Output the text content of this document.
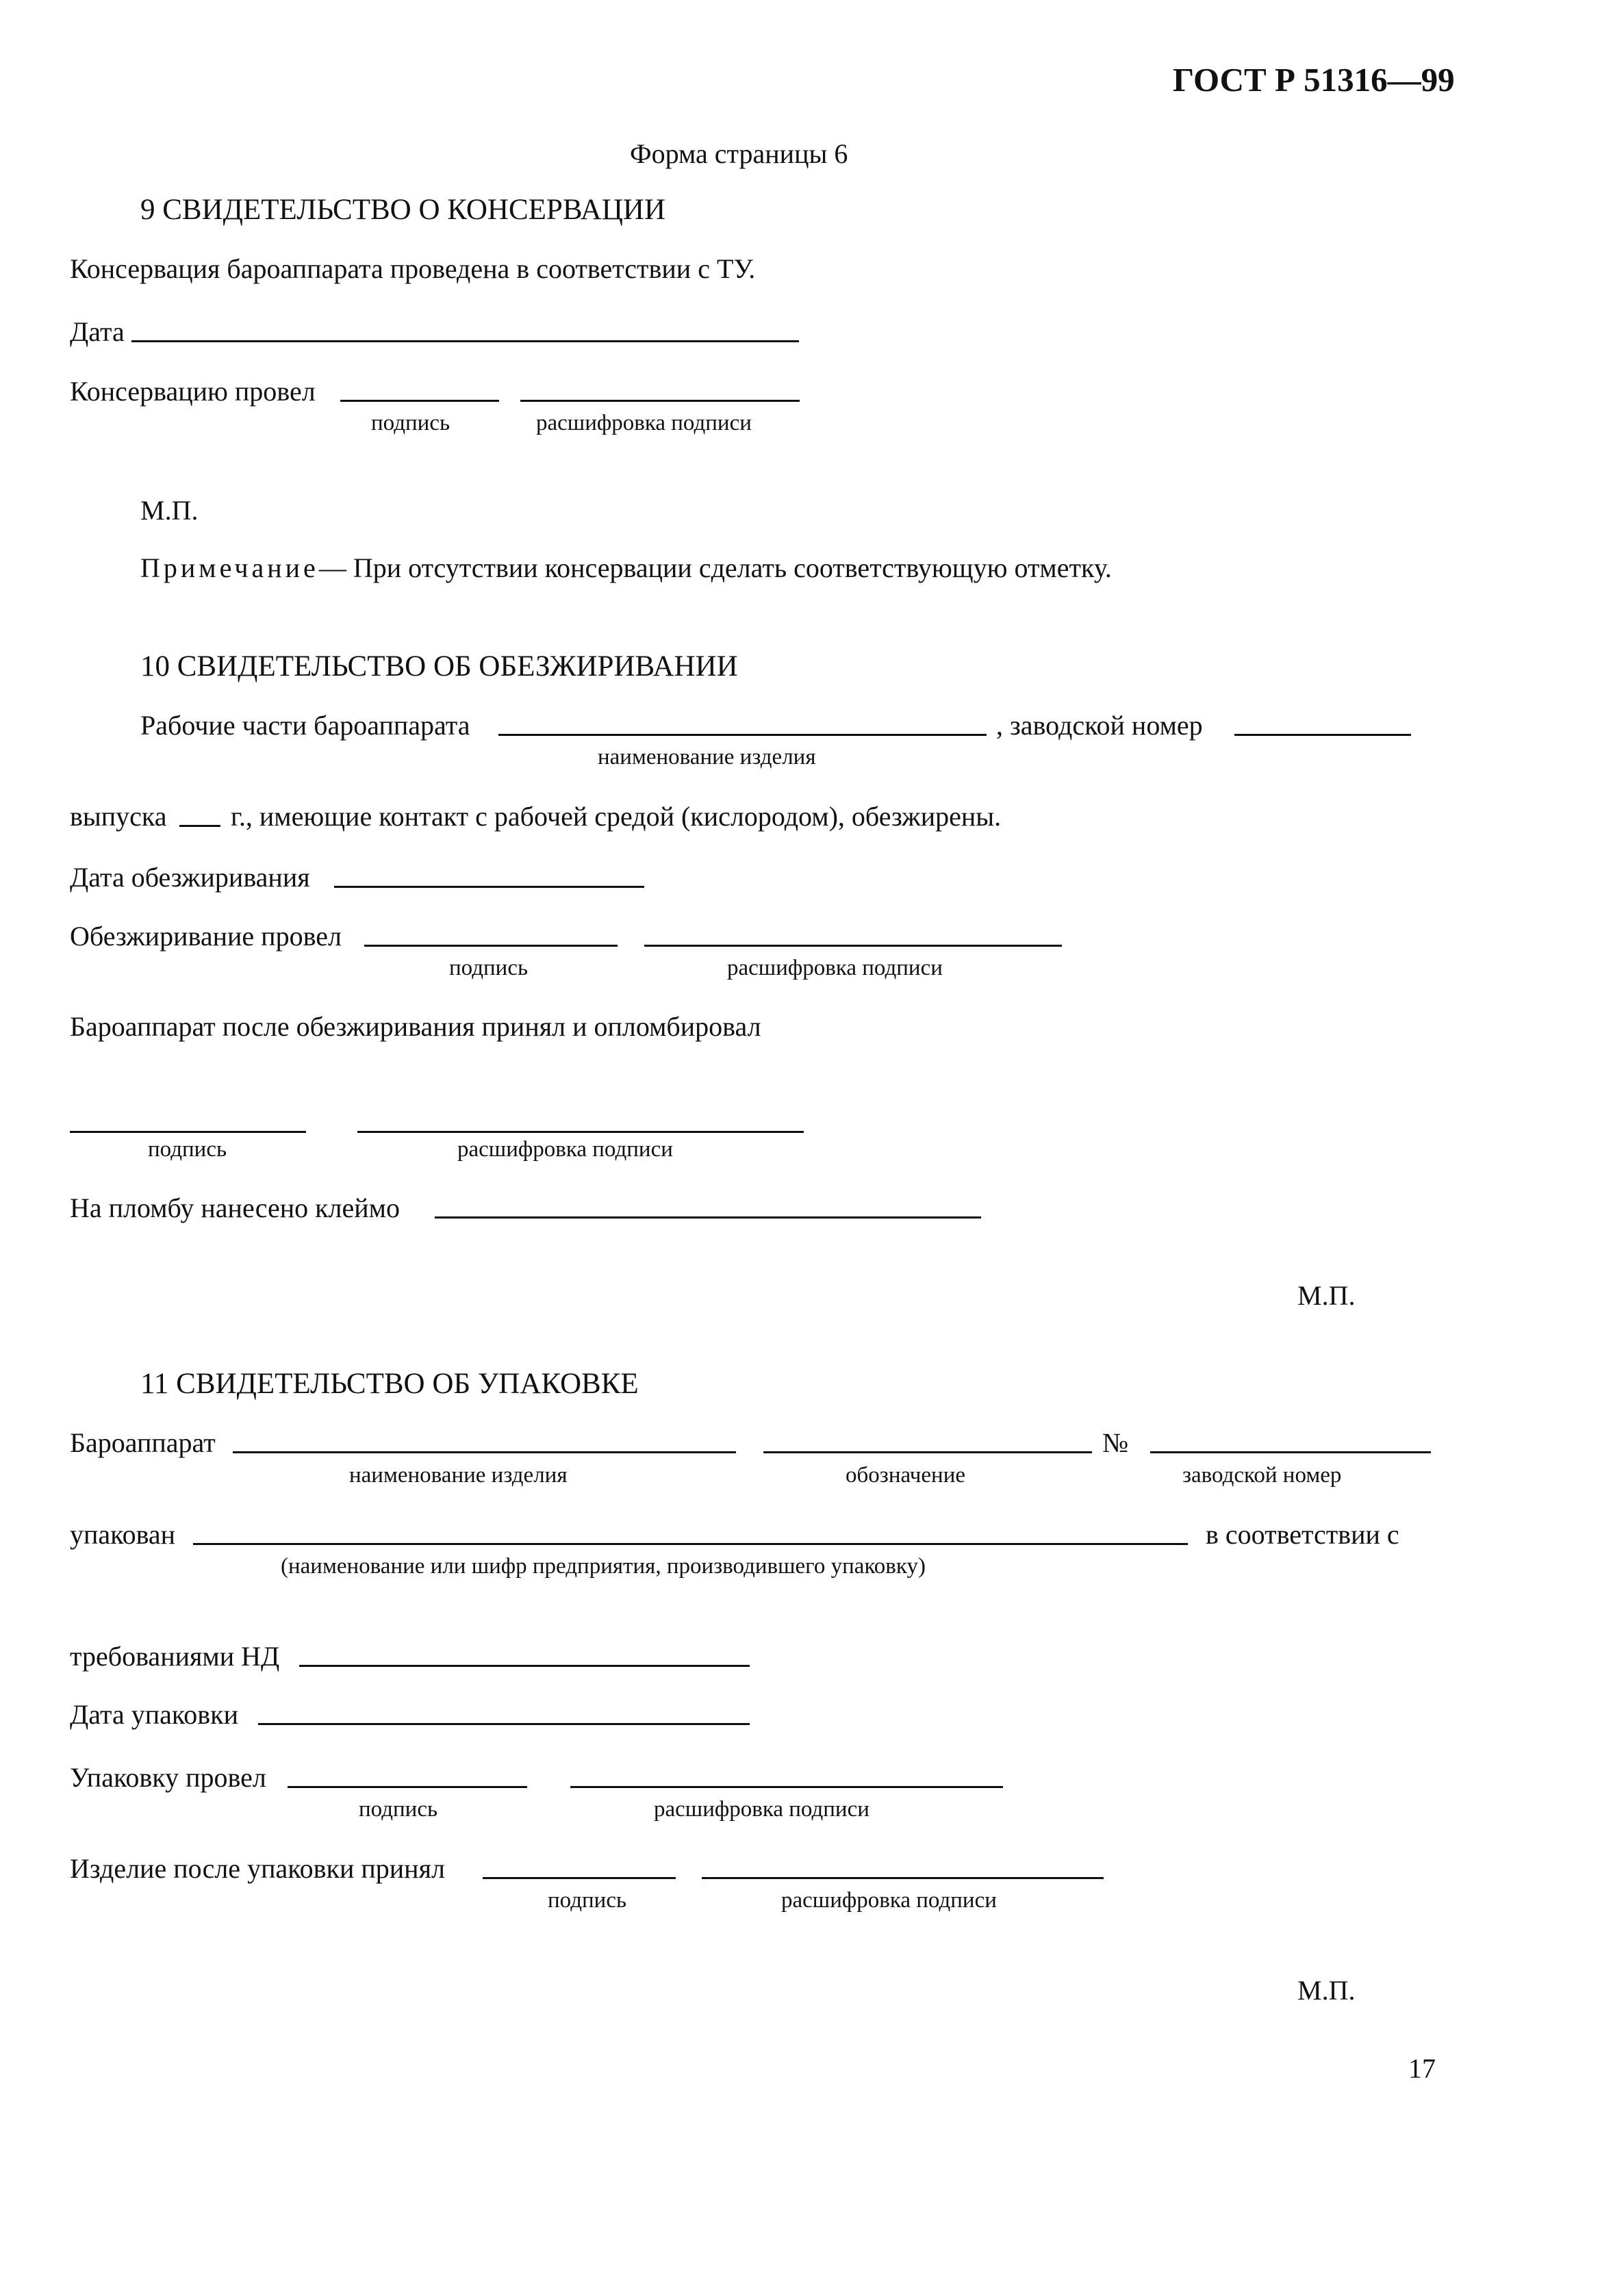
ГОСТ Р 51316—99
Форма страницы 6
9 СВИДЕТЕЛЬСТВО О КОНСЕРВАЦИИ
Консервация бароаппарата проведена в соответствии с ТУ.
Дата
Консервацию провел
подпись	расшифровка подписи
М.П.
Примечание— При отсутствии консервации сделать соответствующую отметку.
10 СВИДЕТЕЛЬСТВО ОБ ОБЕЗЖИРИВАНИИ
Рабочие части бароаппарата	, заводской номер
наименование изделия
выпуска г., имеющие контакт с рабочей средой (кислородом), обезжирены.
Дата обезжиривания
Обезжиривание провел
подпись	расшифровка подписи
Бароаппарат после обезжиривания принял и опломбировал
подпись	расшифровка подписи
На пломбу нанесено клеймо
М.П.
11 СВИДЕТЕЛЬСТВО ОБ УПАКОВКЕ
Бароаппарат	№
наименование изделия	обозначение	заводской номер
упакован	в соответствии с
(наименование или шифр предприятия, производившего упаковку)
требованиями НД
Дата упаковки
Упаковку провел
подпись	расшифровка подписи
Изделие после упаковки принял
подпись	расшифровка подписи
М.П.
17
